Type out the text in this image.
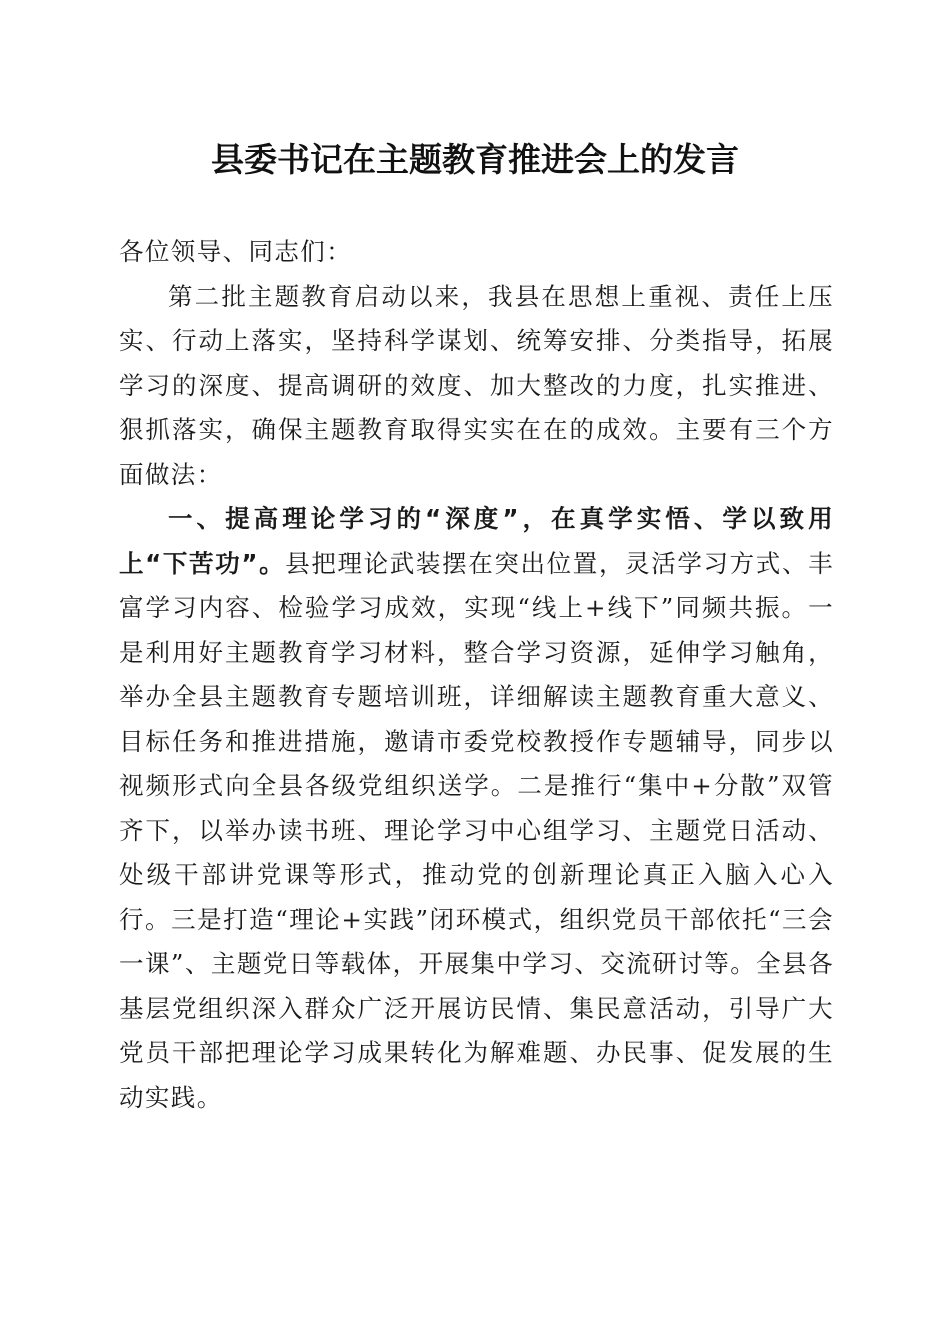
县委书记在主题教育推进会上的发言

各位领导、同志们：

第二批主题教育启动以来，我县在思想上重视、责任上压实、行动上落实，坚持科学谋划、统筹安排、分类指导，拓展学习的深度、提高调研的效度、加大整改的力度，扎实推进、狠抓落实，确保主题教育取得实实在在的成效。主要有三个方面做法：

一、提高理论学习的“深度”，在真学实悟、学以致用上“下苦功”。县把理论武装摆在突出位置，灵活学习方式、丰富学习内容、检验学习成效，实现“线上+线下”同频共振。一是利用好主题教育学习材料，整合学习资源，延伸学习触角，举办全县主题教育专题培训班，详细解读主题教育重大意义、目标任务和推进措施，邀请市委党校教授作专题辅导，同步以视频形式向全县各级党组织送学。二是推行“集中+分散”双管齐下，以举办读书班、理论学习中心组学习、主题党日活动、处级干部讲党课等形式，推动党的创新理论真正入脑入心入行。三是打造“理论+实践”闭环模式，组织党员干部依托“三会一课”、主题党日等载体，开展集中学习、交流研讨等。全县各基层党组织深入群众广泛开展访民情、集民意活动，引导广大党员干部把理论学习成果转化为解难题、办民事、促发展的生动实践。
